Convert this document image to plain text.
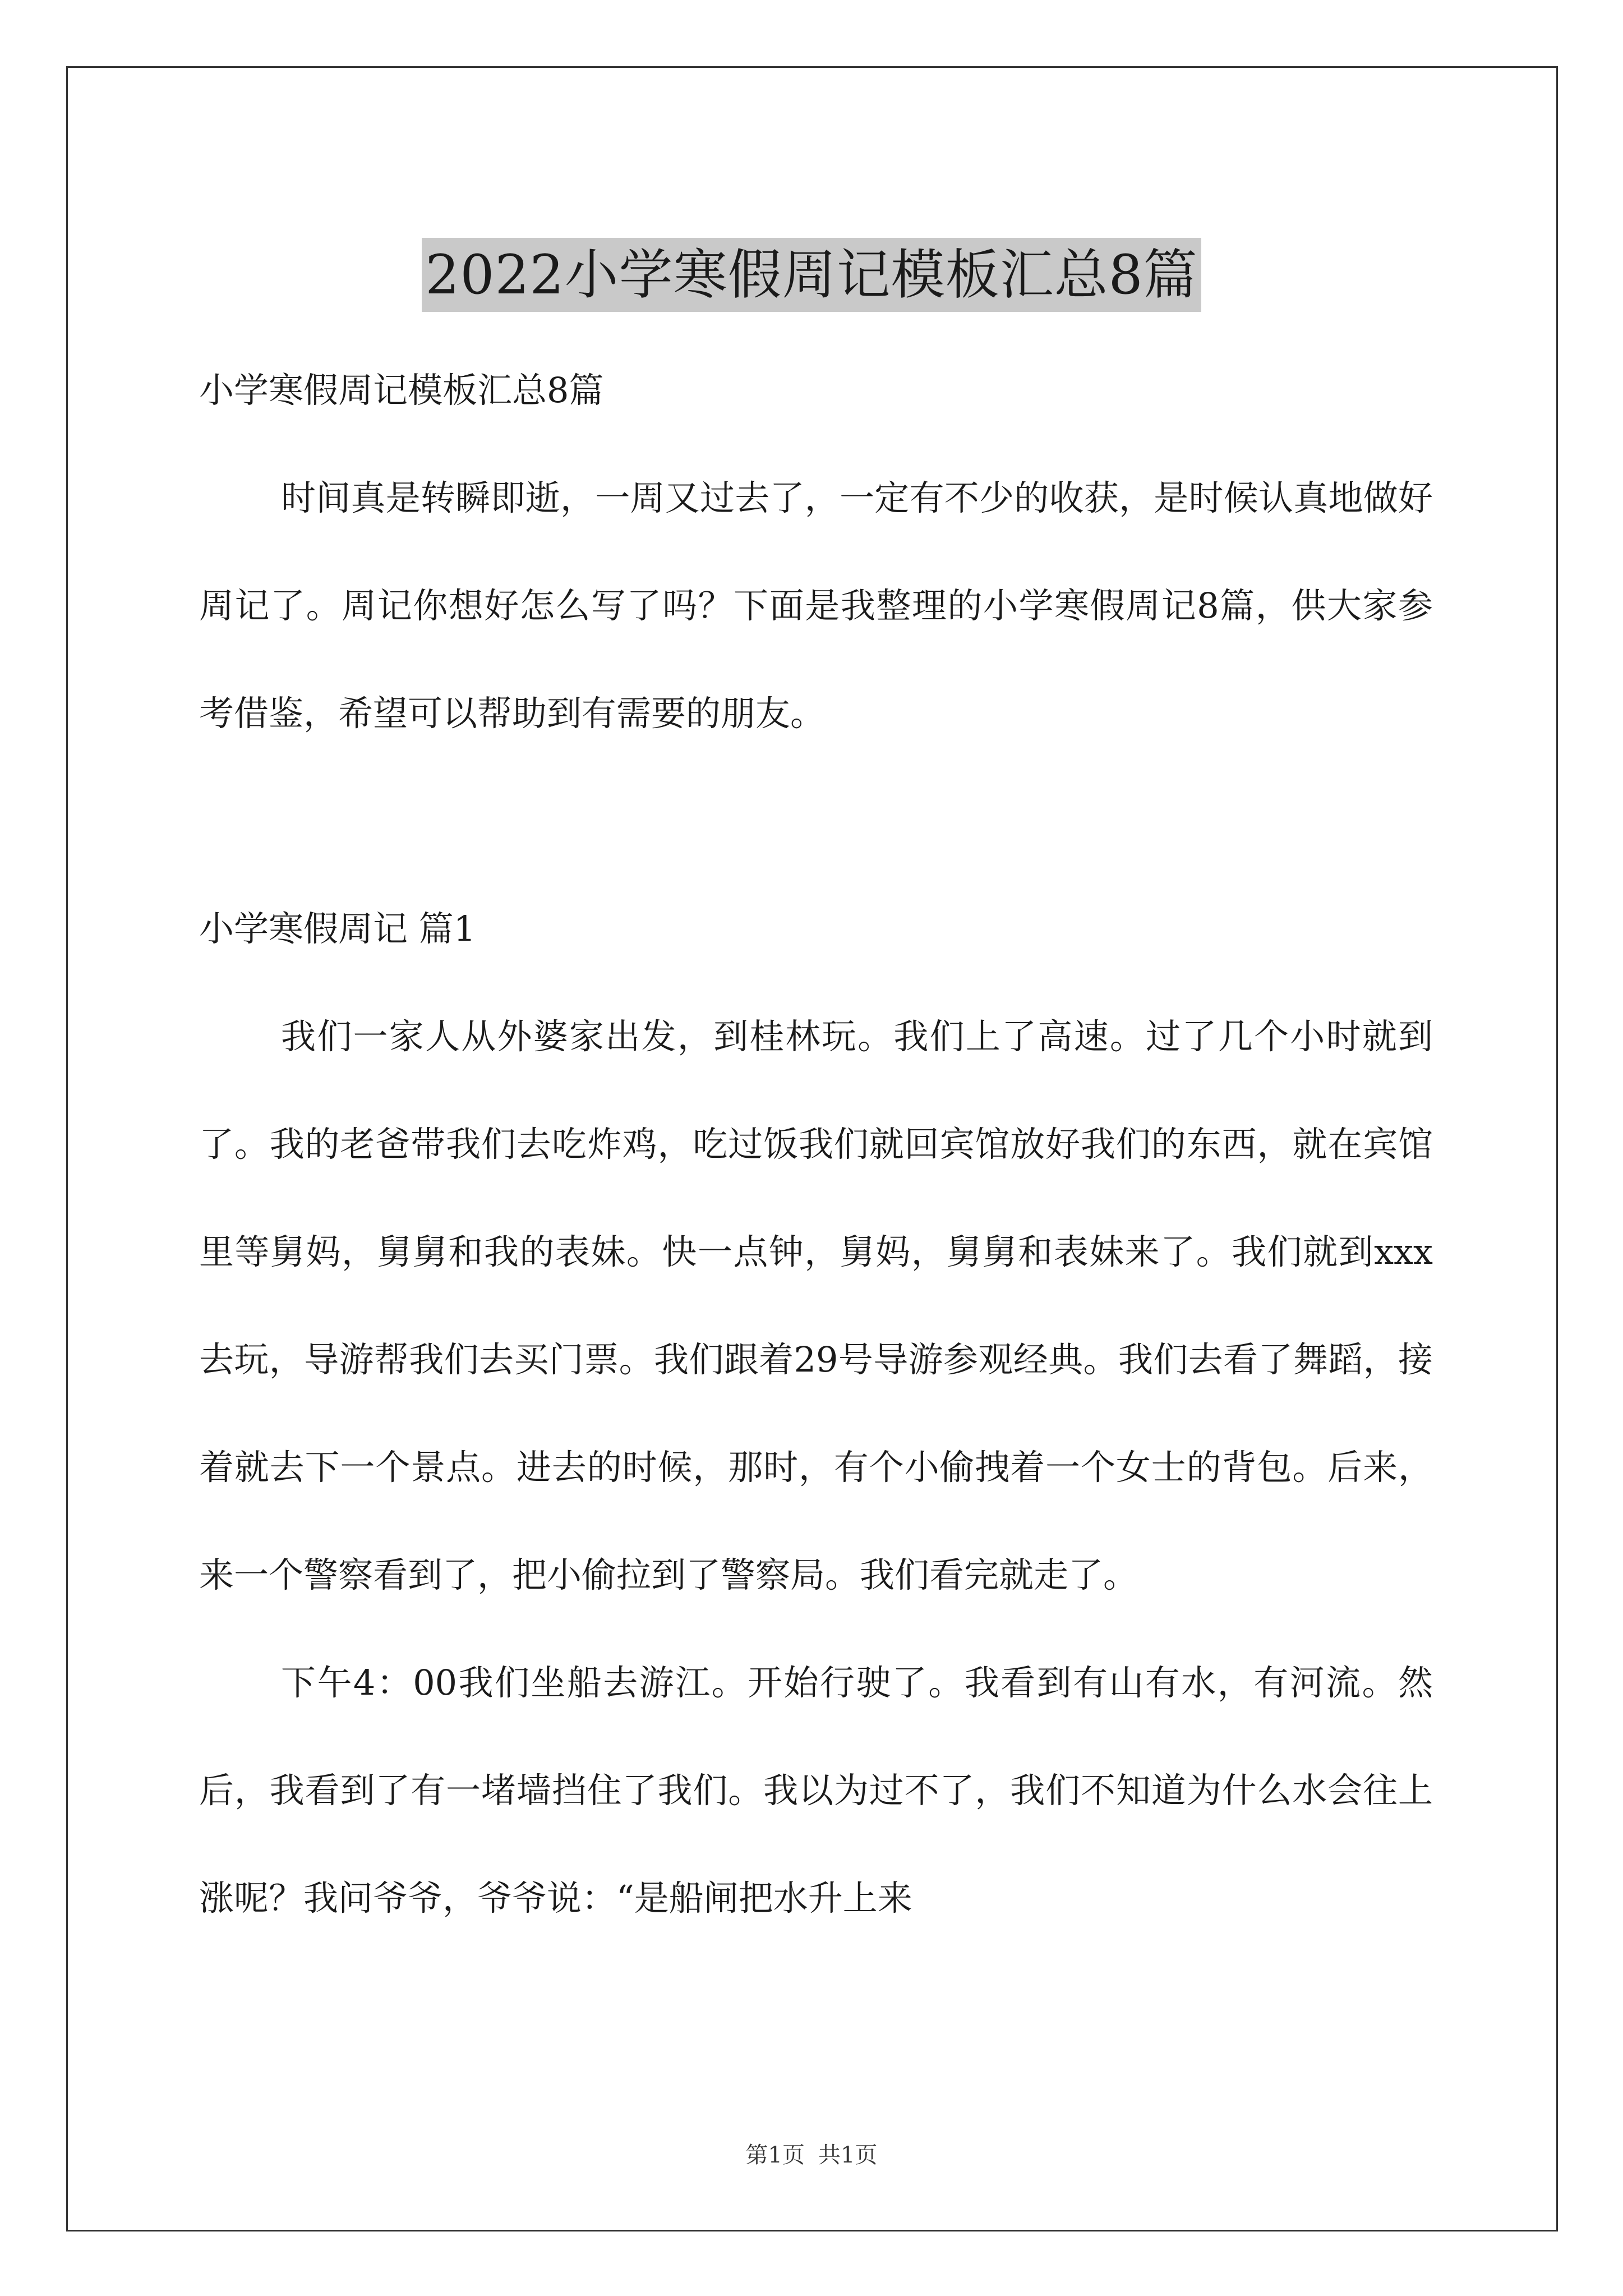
2022小学寒假周记模板汇总8篇

小学寒假周记模板汇总8篇

时间真是转瞬即逝，一周又过去了，一定有不少的收获，是时候认真地做好周记了。周记你想好怎么写了吗？下面是我整理的小学寒假周记8篇，供大家参考借鉴，希望可以帮助到有需要的朋友。

小学寒假周记 篇1

我们一家人从外婆家出发，到桂林玩。我们上了高速。过了几个小时就到了。我的老爸带我们去吃炸鸡，吃过饭我们就回宾馆放好我们的东西，就在宾馆里等舅妈，舅舅和我的表妹。快一点钟，舅妈，舅舅和表妹来了。我们就到xxx去玩，导游帮我们去买门票。我们跟着29号导游参观经典。我们去看了舞蹈，接着就去下一个景点。进去的时候，那时，有个小偷拽着一个女士的背包。后来，来一个警察看到了，把小偷拉到了警察局。我们看完就走了。

下午4：00我们坐船去游江。开始行驶了。我看到有山有水，有河流。然后，我看到了有一堵墙挡住了我们。我以为过不了，我们不知道为什么水会往上涨呢？我问爷爷，爷爷说：“是船闸把水升上来

第1页 共1页
